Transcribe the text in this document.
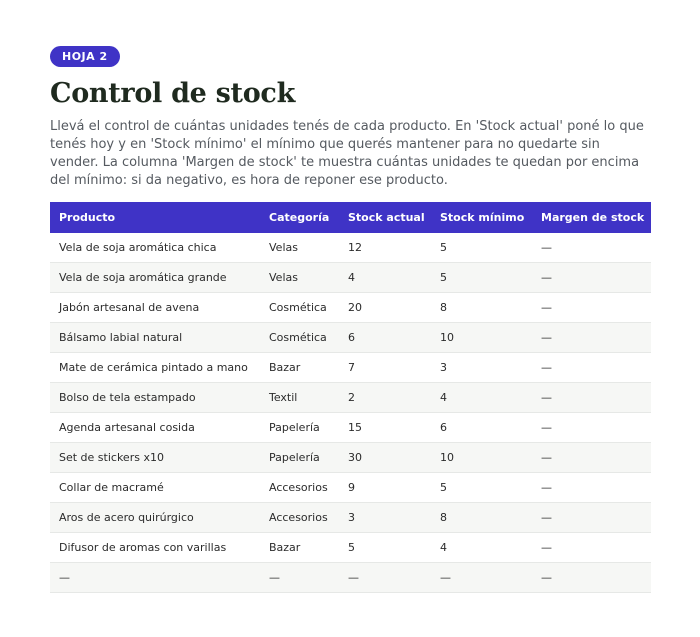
HOJA 2
Control de stock

Llevá el control de cuántas unidades tenés de cada producto. En 'Stock actual' poné lo que tenés hoy y en 'Stock mínimo' el mínimo que querés mantener para no quedarte sin vender. La columna 'Margen de stock' te muestra cuántas unidades te quedan por encima del mínimo: si da negativo, es hora de reponer ese producto.

Producto	Categoría	Stock actual	Stock mínimo	Margen de stock
Vela de soja aromática chica	Velas	12	5	—
Vela de soja aromática grande	Velas	4	5	—
Jabón artesanal de avena	Cosmética	20	8	—
Bálsamo labial natural	Cosmética	6	10	—
Mate de cerámica pintado a mano	Bazar	7	3	—
Bolso de tela estampado	Textil	2	4	—
Agenda artesanal cosida	Papelería	15	6	—
Set de stickers x10	Papelería	30	10	—
Collar de macramé	Accesorios	9	5	—
Aros de acero quirúrgico	Accesorios	3	8	—
Difusor de aromas con varillas	Bazar	5	4	—
—	—	—	—	—
